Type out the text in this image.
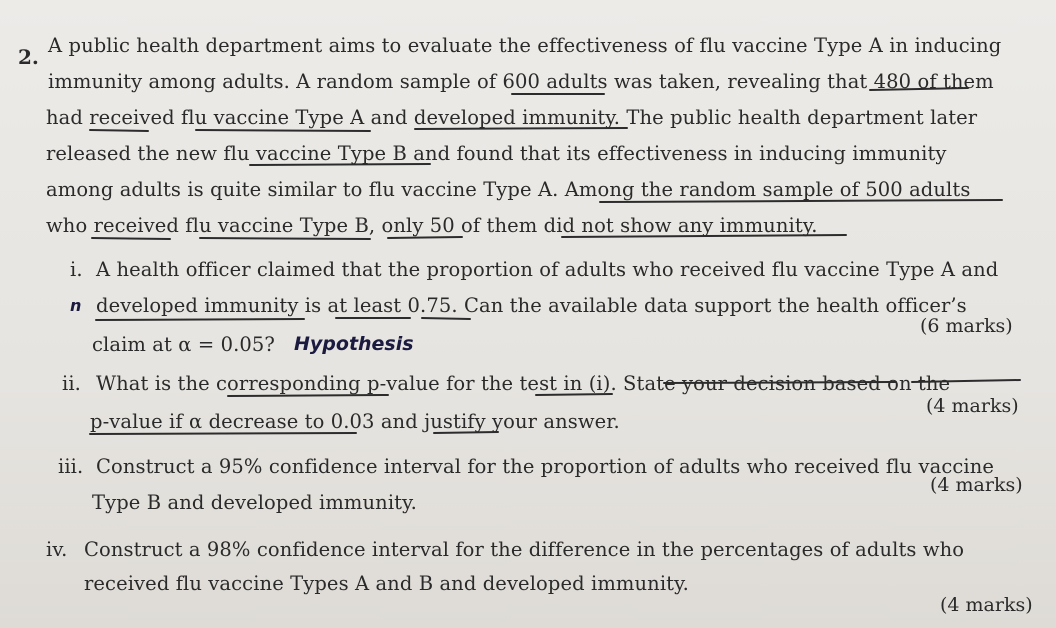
2. A public health department aims to evaluate the effectiveness of flu vaccine Type A in inducing
immunity among adults. A random sample of 600 adults was taken, revealing that 480 of them
had received flu vaccine Type A and developed immunity. The public health department later
released the new flu vaccine Type B and found that its effectiveness in inducing immunity
among adults is quite similar to flu vaccine Type A. Among the random sample of 500 adults
who received flu vaccine Type B, only 50 of them did not show any immunity.
i. A health officer claimed that the proportion of adults who received flu vaccine Type A and
n developed immunity is at least 0.75. Can the available data support the health officer’s
claim at α = 0.05? Hypothesis
(6 marks)
ii. What is the corresponding p-value for the test in (i). State your decision based on the
p-value if α decrease to 0.03 and justify your answer.
(4 marks)
iii. Construct a 95% confidence interval for the proportion of adults who received flu vaccine
Type B and developed immunity.
(4 marks)
iv. Construct a 98% confidence interval for the difference in the percentages of adults who
received flu vaccine Types A and B and developed immunity.
(4 marks)
